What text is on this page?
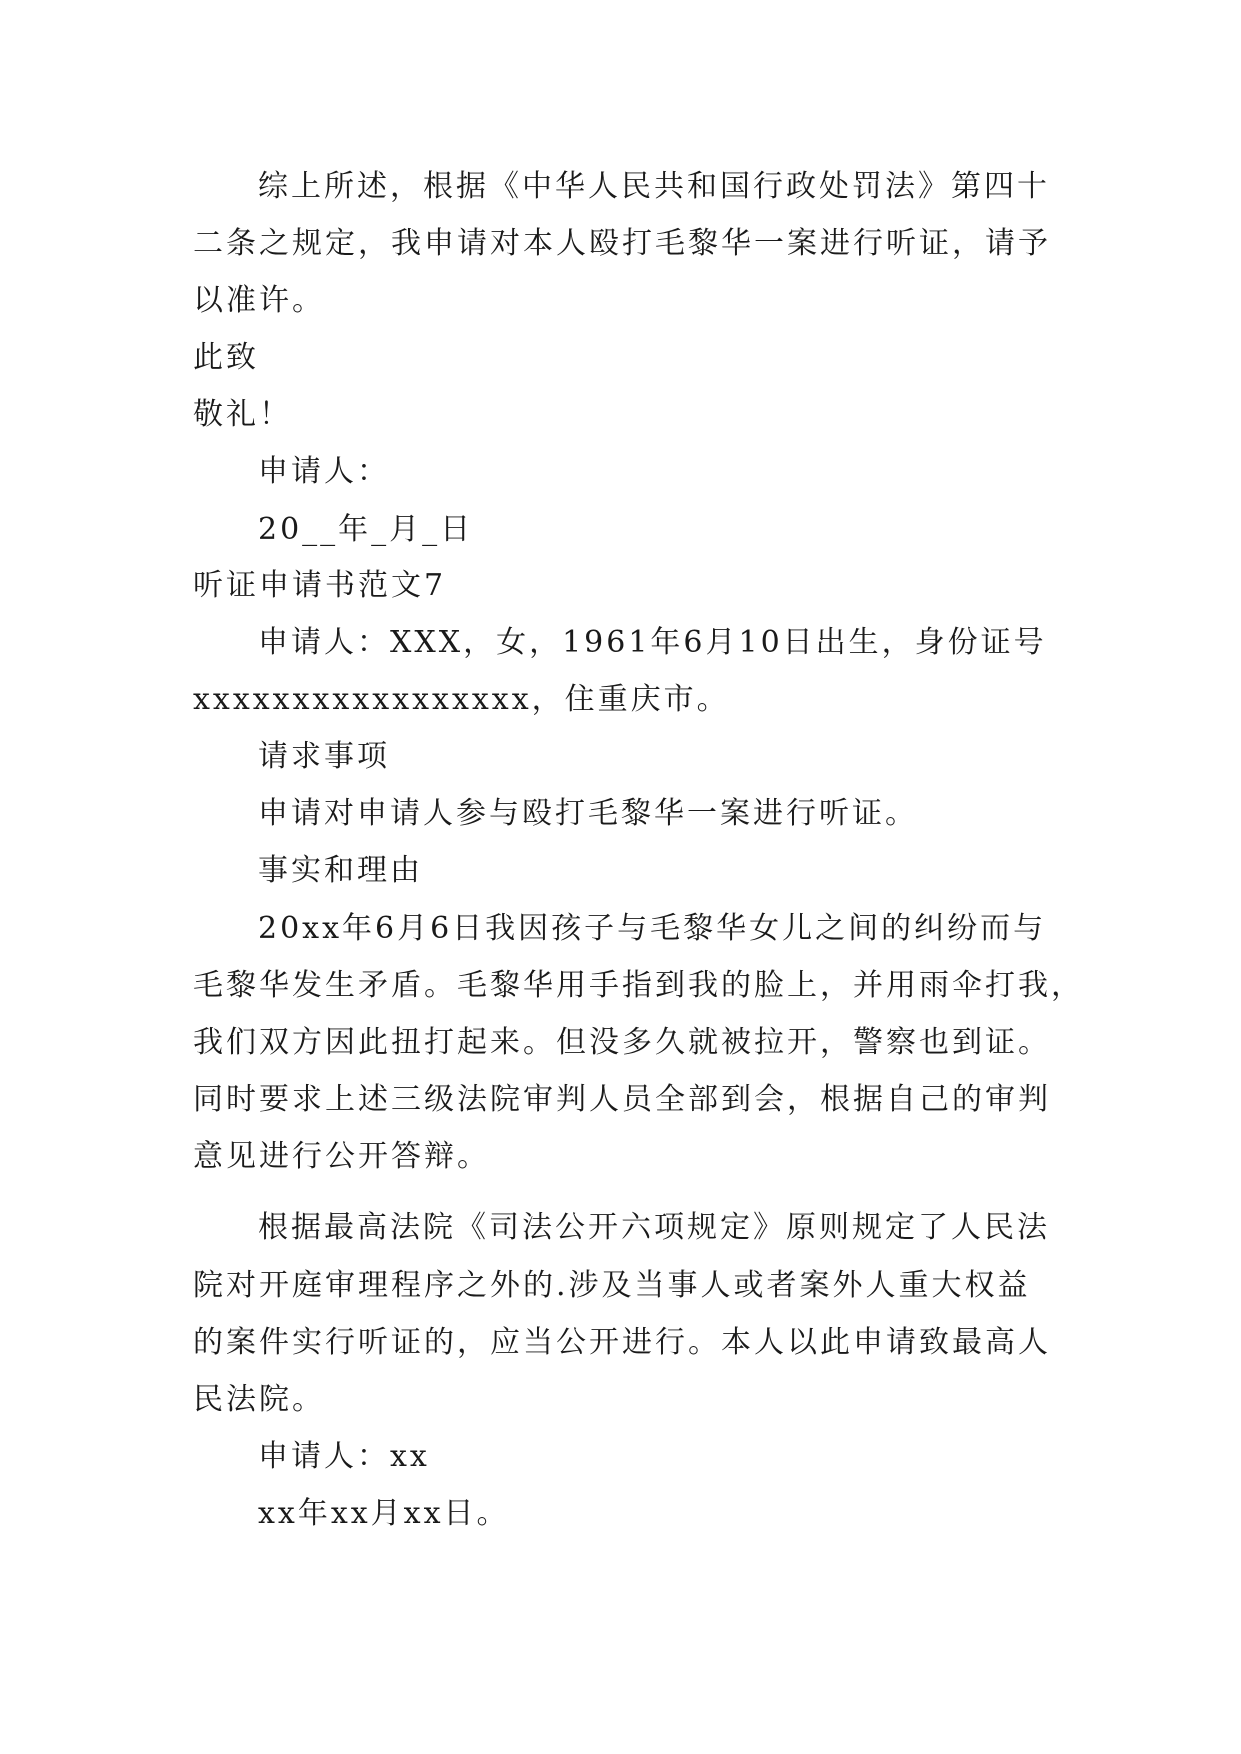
综上所述，根据《中华人民共和国行政处罚法》第四十
二条之规定，我申请对本人殴打毛黎华一案进行听证，请予
以准许。
此致
敬礼！
申请人：
20__年_月_日
听证申请书范文7
申请人：XXX，女，1961年6月10日出生，身份证号
xxxxxxxxxxxxxxxxx，住重庆市。
请求事项
申请对申请人参与殴打毛黎华一案进行听证。
事实和理由
20xx年6月6日我因孩子与毛黎华女儿之间的纠纷而与
毛黎华发生矛盾。毛黎华用手指到我的脸上，并用雨伞打我，
我们双方因此扭打起来。但没多久就被拉开，警察也到证。
同时要求上述三级法院审判人员全部到会，根据自己的审判
意见进行公开答辩。
根据最高法院《司法公开六项规定》原则规定了人民法
院对开庭审理程序之外的.涉及当事人或者案外人重大权益
的案件实行听证的，应当公开进行。本人以此申请致最高人
民法院。
申请人：xx
xx年xx月xx日。
